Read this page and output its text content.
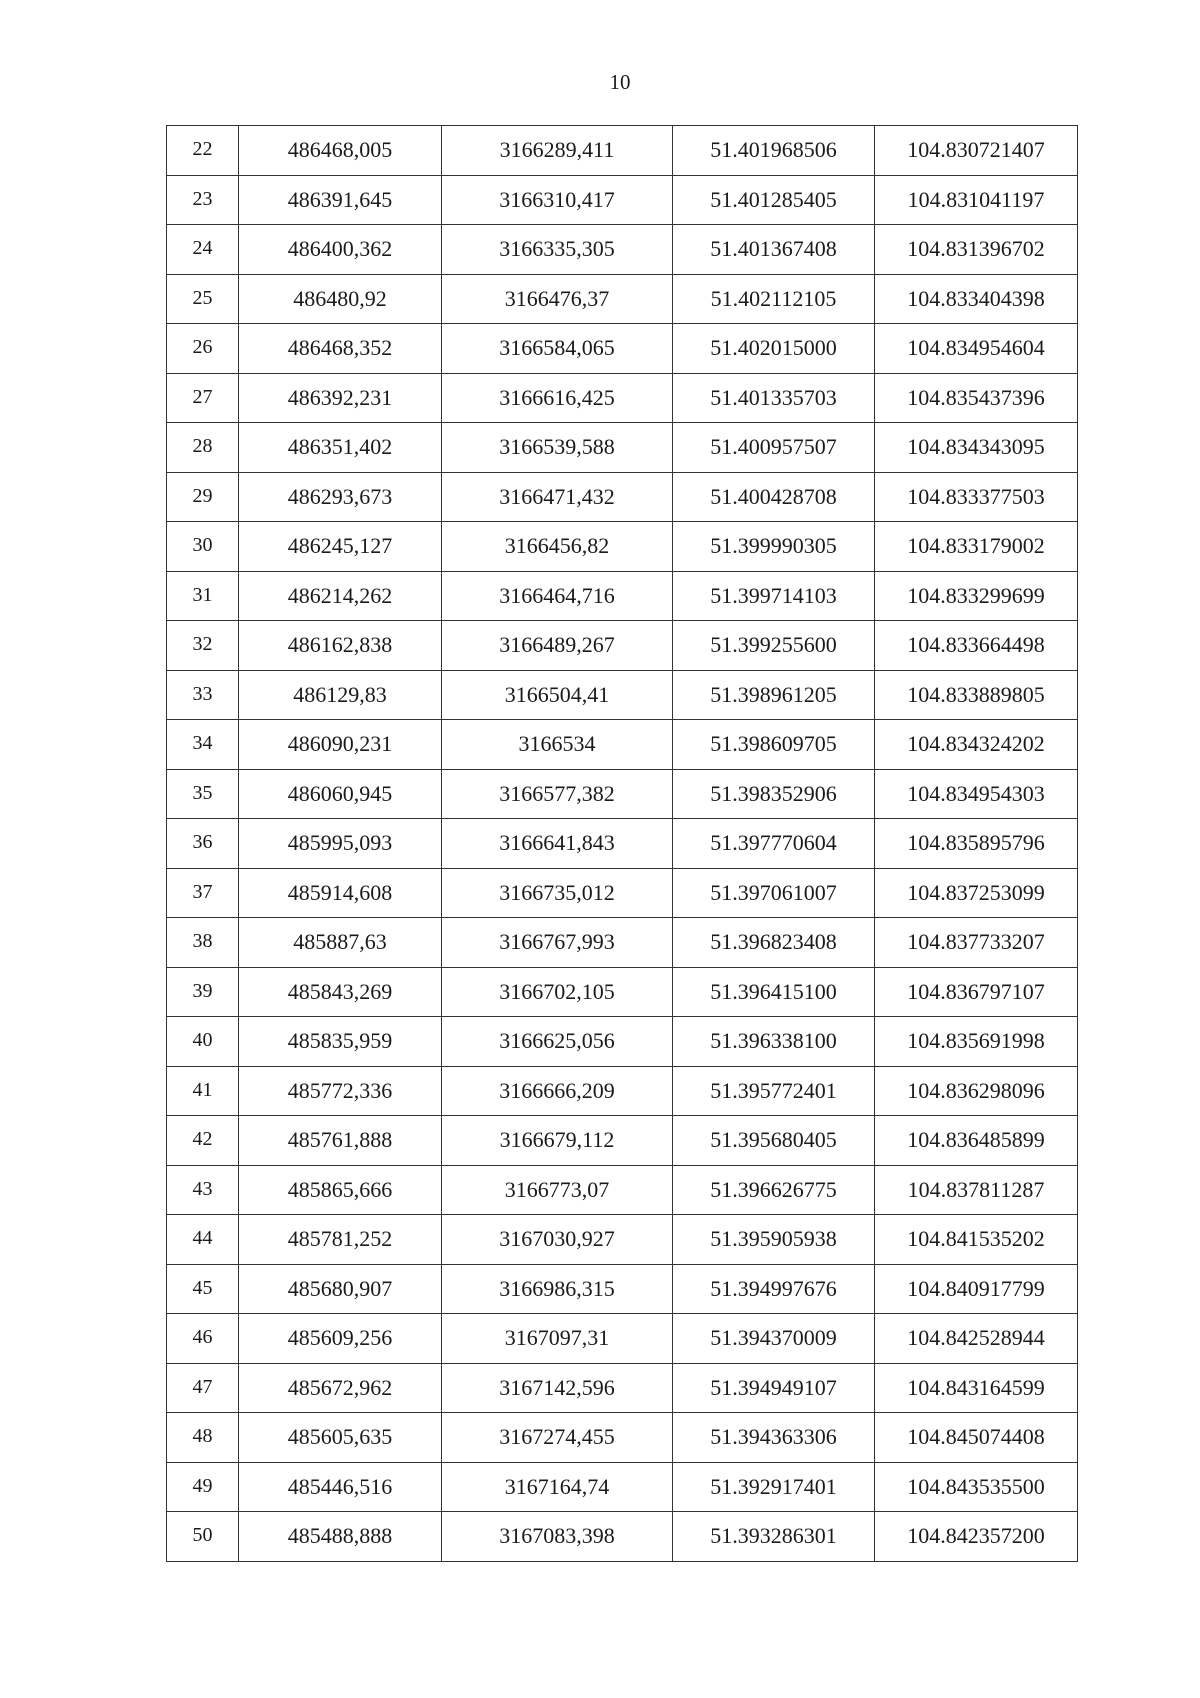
10
22	486468,005	3166289,411	51.401968506	104.830721407
23	486391,645	3166310,417	51.401285405	104.831041197
24	486400,362	3166335,305	51.401367408	104.831396702
25	486480,92	3166476,37	51.402112105	104.833404398
26	486468,352	3166584,065	51.402015000	104.834954604
27	486392,231	3166616,425	51.401335703	104.835437396
28	486351,402	3166539,588	51.400957507	104.834343095
29	486293,673	3166471,432	51.400428708	104.833377503
30	486245,127	3166456,82	51.399990305	104.833179002
31	486214,262	3166464,716	51.399714103	104.833299699
32	486162,838	3166489,267	51.399255600	104.833664498
33	486129,83	3166504,41	51.398961205	104.833889805
34	486090,231	3166534	51.398609705	104.834324202
35	486060,945	3166577,382	51.398352906	104.834954303
36	485995,093	3166641,843	51.397770604	104.835895796
37	485914,608	3166735,012	51.397061007	104.837253099
38	485887,63	3166767,993	51.396823408	104.837733207
39	485843,269	3166702,105	51.396415100	104.836797107
40	485835,959	3166625,056	51.396338100	104.835691998
41	485772,336	3166666,209	51.395772401	104.836298096
42	485761,888	3166679,112	51.395680405	104.836485899
43	485865,666	3166773,07	51.396626775	104.837811287
44	485781,252	3167030,927	51.395905938	104.841535202
45	485680,907	3166986,315	51.394997676	104.840917799
46	485609,256	3167097,31	51.394370009	104.842528944
47	485672,962	3167142,596	51.394949107	104.843164599
48	485605,635	3167274,455	51.394363306	104.845074408
49	485446,516	3167164,74	51.392917401	104.843535500
50	485488,888	3167083,398	51.393286301	104.842357200
